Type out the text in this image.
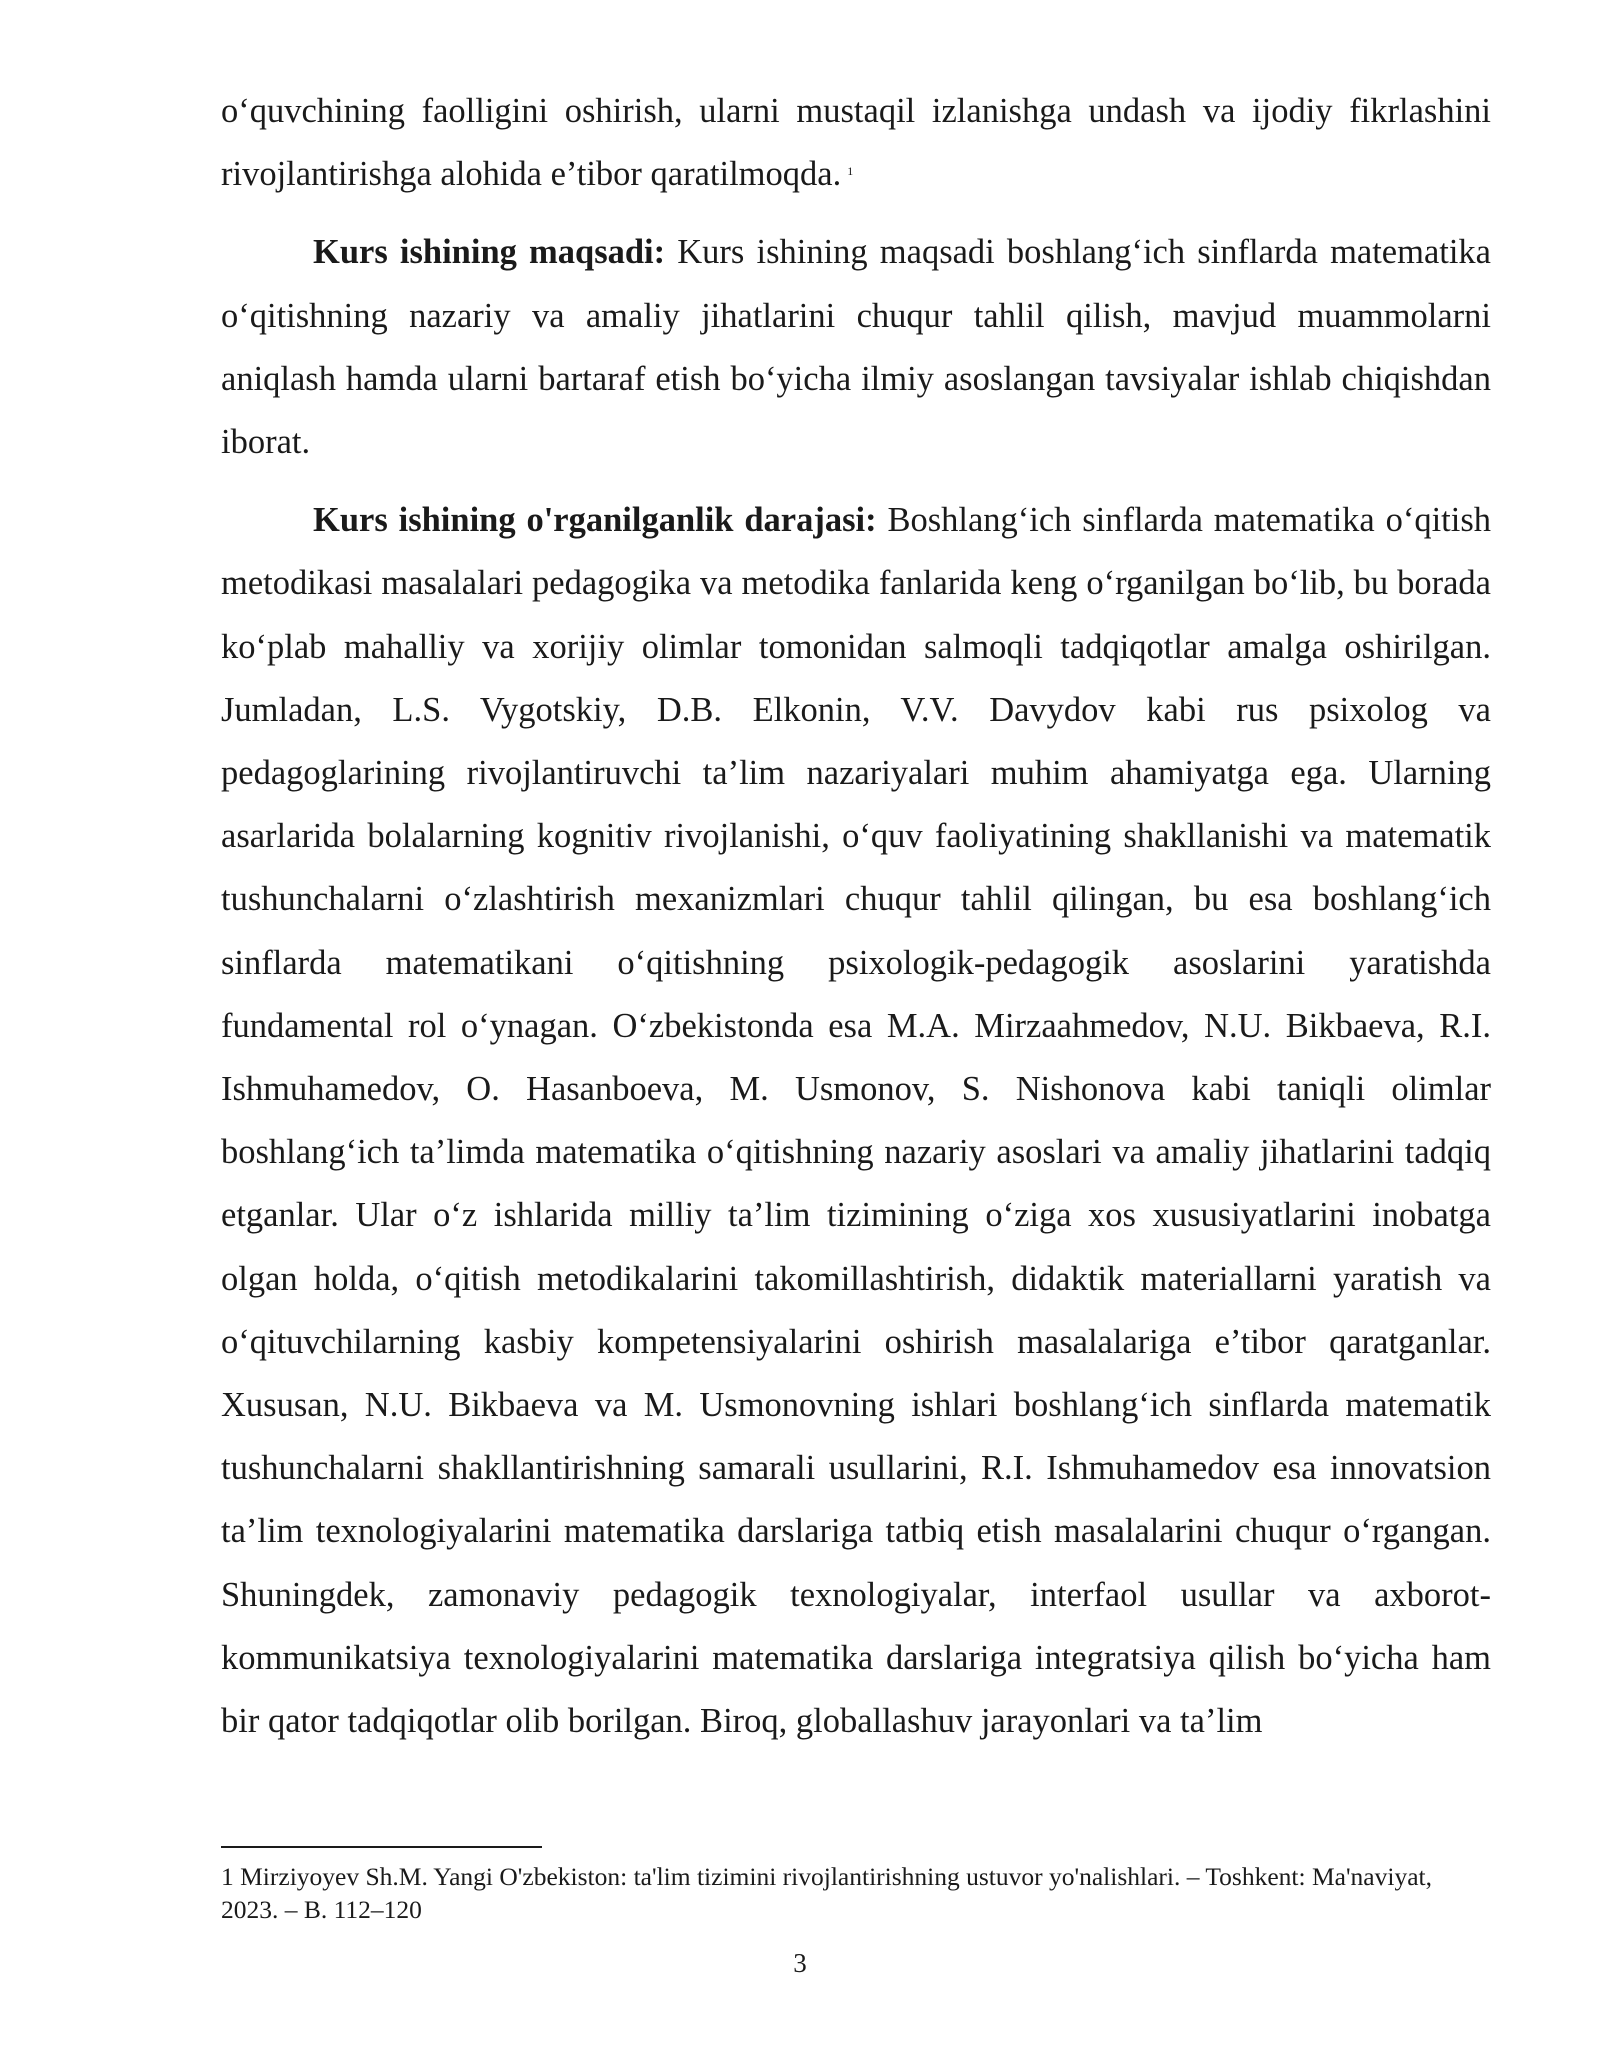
o‘quvchining faolligini oshirish, ularni mustaqil izlanishga undash va ijodiy fikrlashini rivojlantirishga alohida e’tibor qaratilmoqda. $^1$

Kurs ishining maqsadi: Kurs ishining maqsadi boshlang‘ich sinflarda matematika o‘qitishning nazariy va amaliy jihatlarini chuqur tahlil qilish, mavjud muammolarni aniqlash hamda ularni bartaraf etish bo‘yicha ilmiy asoslangan tavsiyalar ishlab chiqishdan iborat.

Kurs ishining o'rganilganlik darajasi: Boshlang‘ich sinflarda matematika o‘qitish metodikasi masalalari pedagogika va metodika fanlarida keng o‘rganilgan bo‘lib, bu borada ko‘plab mahalliy va xorijiy olimlar tomonidan salmoqli tadqiqotlar amalga oshirilgan. Jumladan, L.S. Vygotskiy, D.B. Elkonin, V.V. Davydov kabi rus psixolog va pedagoglarining rivojlantiruvchi ta’lim nazariyalari muhim ahamiyatga ega. Ularning asarlarida bolalarning kognitiv rivojlanishi, o‘quv faoliyatining shakllanishi va matematik tushunchalarni o‘zlashtirish mexanizmlari chuqur tahlil qilingan, bu esa boshlang‘ich sinflarda matematikani o‘qitishning psixologik-pedagogik asoslarini yaratishda fundamental rol o‘ynagan. O‘zbekistonda esa M.A. Mirzaahmedov, N.U. Bikbaeva, R.I. Ishmuhamedov, O. Hasanboeva, M. Usmonov, S. Nishonova kabi taniqli olimlar boshlang‘ich ta’limda matematika o‘qitishning nazariy asoslari va amaliy jihatlarini tadqiq etganlar. Ular o‘z ishlarida milliy ta’lim tizimining o‘ziga xos xususiyatlarini inobatga olgan holda, o‘qitish metodikalarini takomillashtirish, didaktik materiallarni yaratish va o‘qituvchilarning kasbiy kompetensiyalarini oshirish masalalariga e’tibor qaratganlar. Xususan, N.U. Bikbaeva va M. Usmonovning ishlari boshlang‘ich sinflarda matematik tushunchalarni shakllantirishning samarali usullarini, R.I. Ishmuhamedov esa innovatsion ta’lim texnologiyalarini matematika darslariga tatbiq etish masalalarini chuqur o‘rgangan. Shuningdek, zamonaviy pedagogik texnologiyalar, interfaol usullar va axborot-kommunikatsiya texnologiyalarini matematika darslariga integratsiya qilish bo‘yicha ham bir qator tadqiqotlar olib borilgan. Biroq, globallashuv jarayonlari va ta’lim

1 Mirziyoyev Sh.M. Yangi O'zbekiston: ta'lim tizimini rivojlantirishning ustuvor yo'nalishlari. – Toshkent: Ma'naviyat, 2023. – B. 112–120

3
